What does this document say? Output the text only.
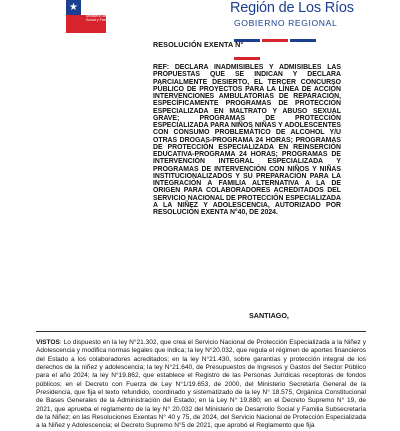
★
Ministerio de Desarrollo Social y Familia
Región de Los Ríos
GOBIERNO REGIONAL
RESOLUCIÓN EXENTA N°
REF: DECLARA INADMISIBLES Y ADMISIBLES LAS PROPUESTAS QUE SE INDICAN Y DECLARA PARCIALMENTE DESIERTO, EL TERCER CONCURSO PÚBLICO DE PROYECTOS PARA LA LÍNEA DE ACCIÓN INTERVENCIONES AMBULATORIAS DE REPARACIÓN, ESPECÍFICAMENTE PROGRAMAS DE PROTECCIÓN ESPECIALIZADA EN MALTRATO Y ABUSO SEXUAL GRAVE; PROGRAMAS DE PROTECCIÓN ESPECIALIZADA PARA NIÑOS NIÑAS Y ADOLESCENTES CON CONSUMO PROBLEMÁTICO DE ALCOHOL Y/U OTRAS DROGAS-PROGRAMA 24 HORAS; PROGRAMAS DE PROTECCIÓN ESPECIALIZADA EN REINSERCIÓN EDUCATIVA-PROGRAMA 24 HORAS; PROGRAMAS DE INTERVENCIÓN INTEGRAL ESPECIALIZADA Y PROGRAMAS DE INTERVENCIÓN CON NIÑOS Y NIÑAS INSTITUCIONALIZADOS Y SU PREPARACIÓN PARA LA INTEGRACIÓN A FAMILIA ALTERNATIVA A LA DE ORIGEN PARA COLABORADORES ACREDITADOS DEL SERVICIO NACIONAL DE PROTECCIÓN ESPECIALIZADA A LA NIÑEZ Y ADOLESCENCIA, AUTORIZADO POR RESOLUCIÓN EXENTA N°40, DE 2024.
SANTIAGO,
VISTOS: Lo dispuesto en la ley N°21.302, que crea el Servicio Nacional de Protección Especializada a la Niñez y Adolescencia y modifica normas legales que indica; la ley N°20.032, que regula el régimen de aportes financieros del Estado a los colaboradores acreditados; en la ley N°21.430, sobre garantías y protección integral de los derechos de la niñez y adolescencia; la ley N°21.640, de Presupuestos de Ingresos y Gastos del Sector Público para el año 2024; la ley N°19.862, que establece el Registro de las Personas Jurídicas receptoras de fondos públicos; en el Decreto con Fuerza de Ley N°1/19.653, de 2000, del Ministerio Secretaría General de la Presidencia, que fija el texto refundido, coordinado y sistematizado de la ley N° 18.575, Orgánica Constitucional de Bases Generales de la Administración del Estado; en la Ley N° 19.880; en el Decreto Supremo N° 19, de 2021, que aprueba el reglamento de la ley N° 20.032 del Ministerio de Desarrollo Social y Familia Subsecretaría de la Niñez; en las Resoluciones Exentas N° 40 y 75, de 2024, del Servicio Nacional de Protección Especializada a la Niñez y Adolescencia; el Decreto Supremo N°5 de 2021, que aprobó el Reglamento que fija
